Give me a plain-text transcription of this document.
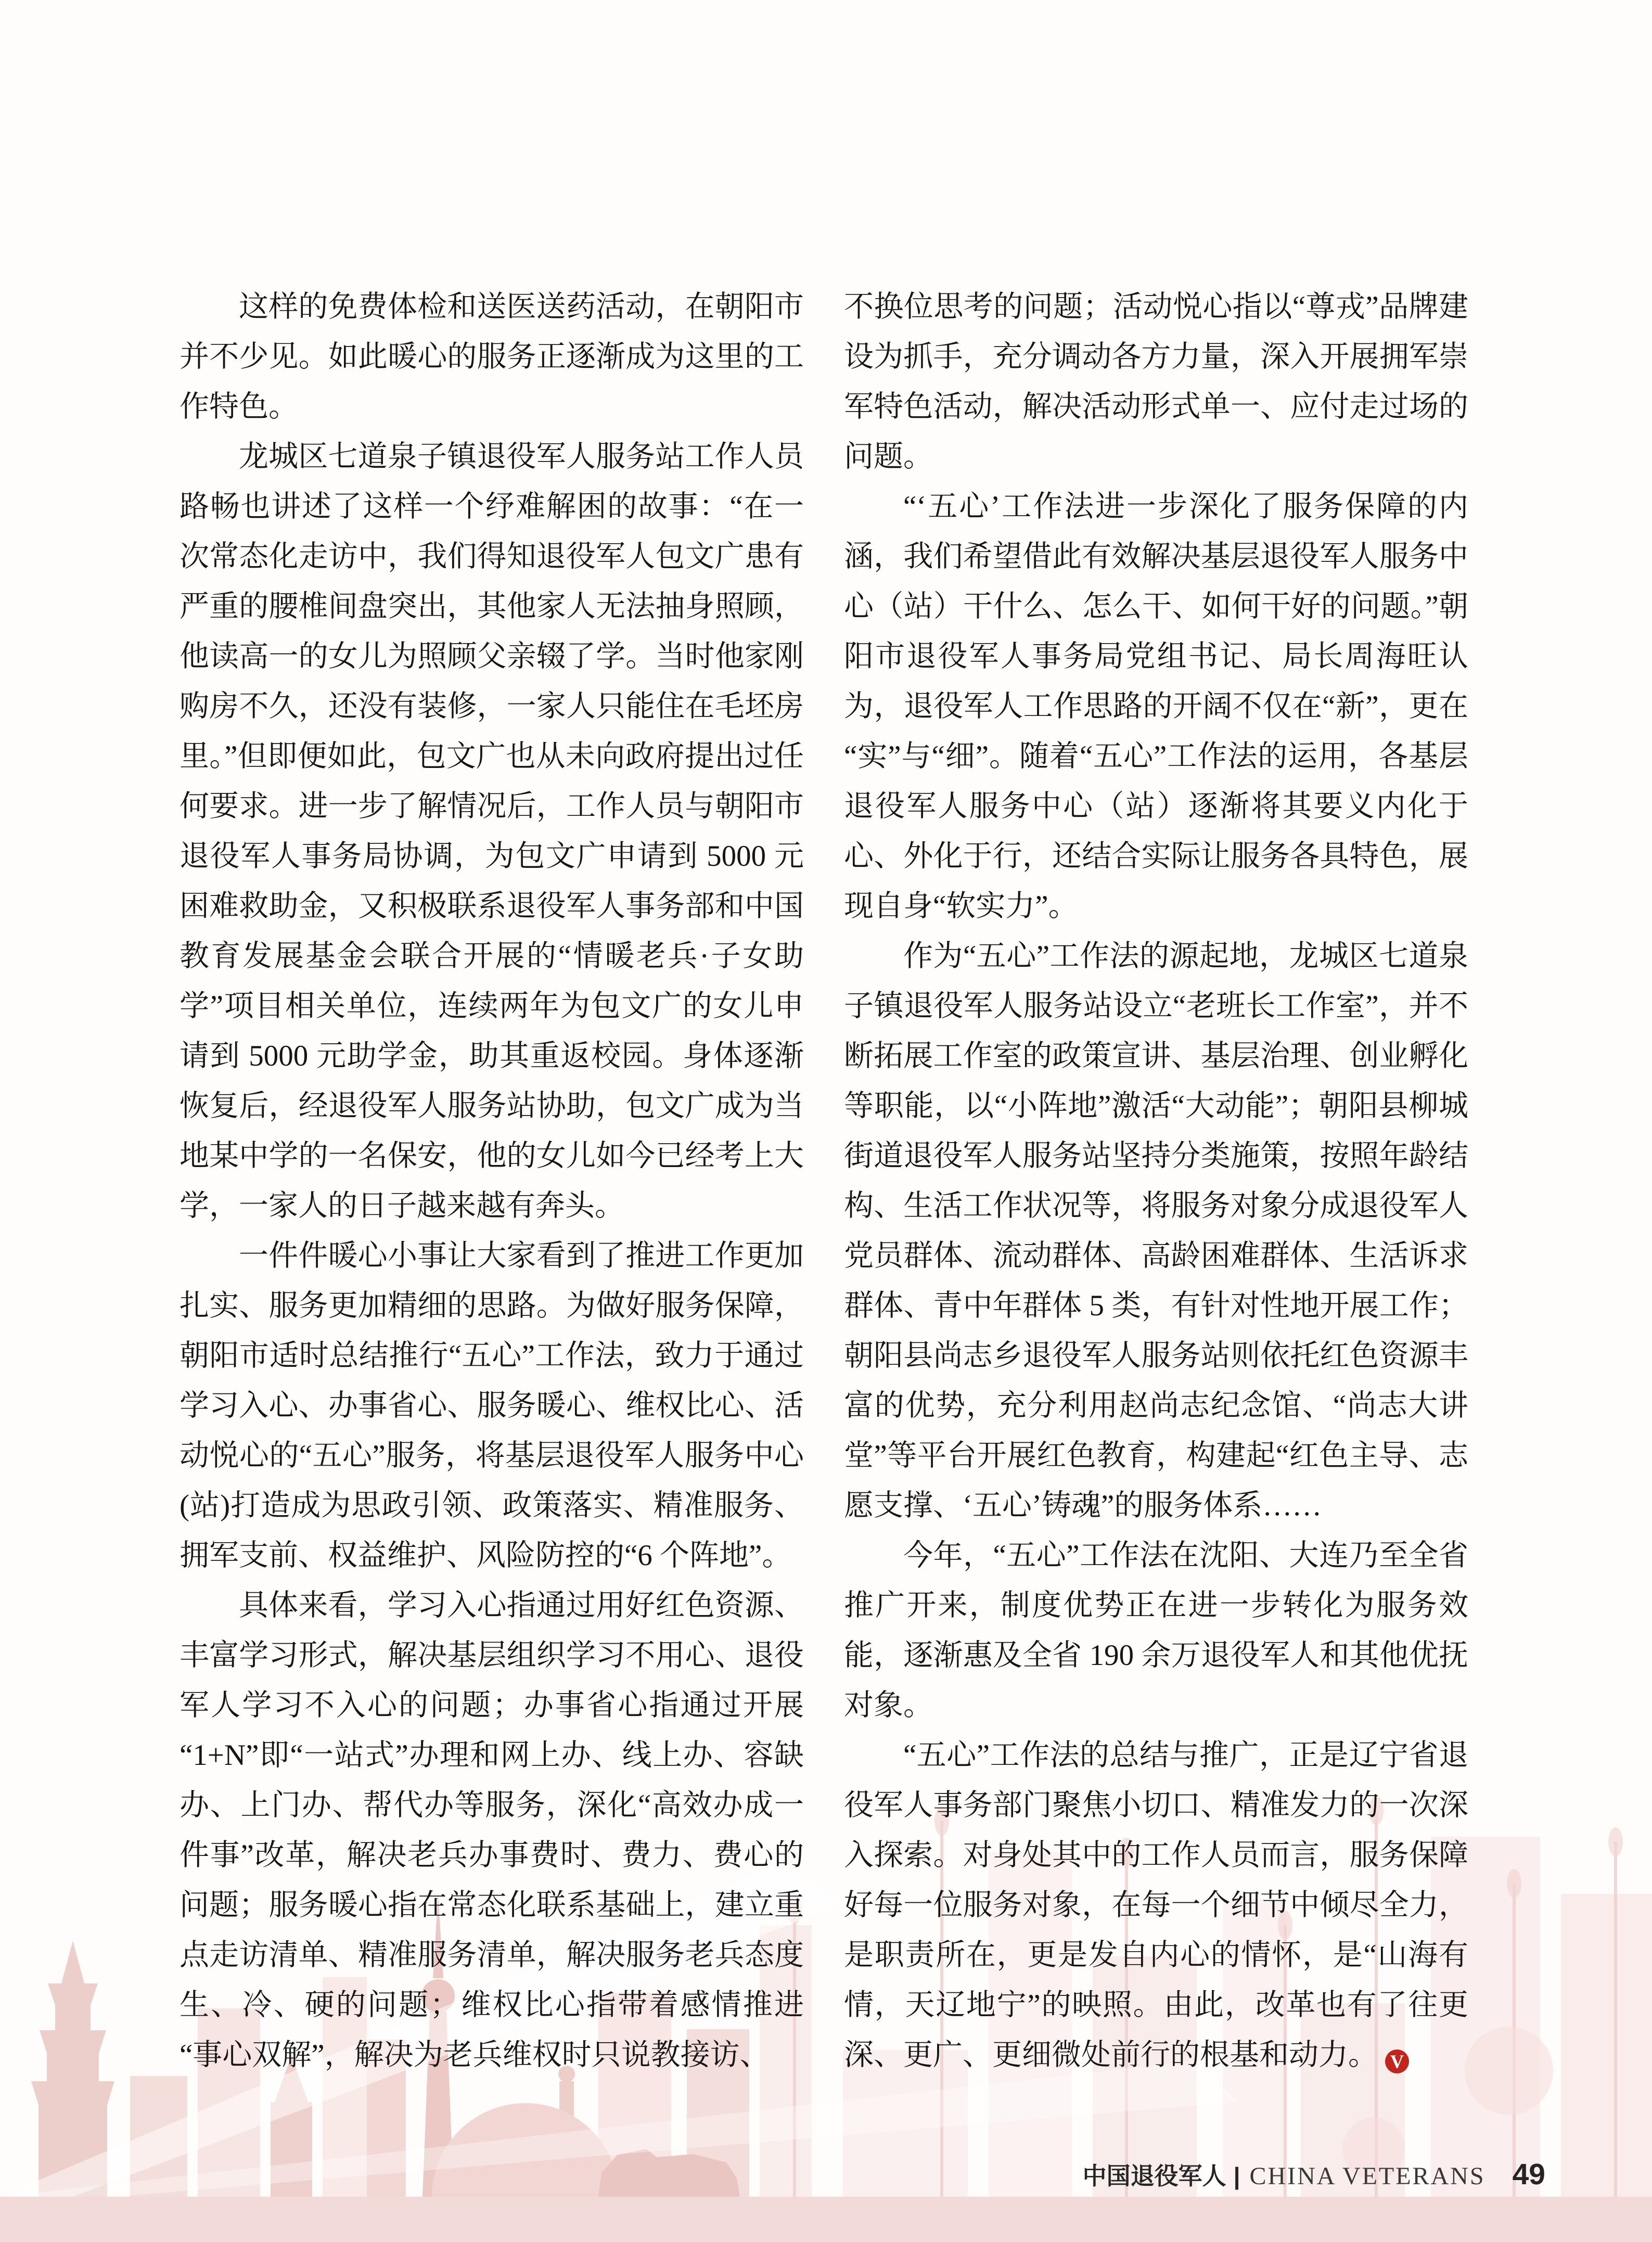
这样的免费体检和送医送药活动，在朝阳市并不少见。如此暖心的服务正逐渐成为这里的工作特色。

龙城区七道泉子镇退役军人服务站工作人员路畅也讲述了这样一个纾难解困的故事：“在一次常态化走访中，我们得知退役军人包文广患有严重的腰椎间盘突出，其他家人无法抽身照顾，他读高一的女儿为照顾父亲辍了学。当时他家刚购房不久，还没有装修，一家人只能住在毛坯房里。”但即便如此，包文广也从未向政府提出过任何要求。进一步了解情况后，工作人员与朝阳市退役军人事务局协调，为包文广申请到 5000 元困难救助金，又积极联系退役军人事务部和中国教育发展基金会联合开展的“情暖老兵·子女助学”项目相关单位，连续两年为包文广的女儿申请到 5000 元助学金，助其重返校园。身体逐渐恢复后，经退役军人服务站协助，包文广成为当地某中学的一名保安，他的女儿如今已经考上大学，一家人的日子越来越有奔头。

一件件暖心小事让大家看到了推进工作更加扎实、服务更加精细的思路。为做好服务保障，朝阳市适时总结推行“五心”工作法，致力于通过学习入心、办事省心、服务暖心、维权比心、活动悦心的“五心”服务，将基层退役军人服务中心(站)打造成为思政引领、政策落实、精准服务、拥军支前、权益维护、风险防控的“6 个阵地”。

具体来看，学习入心指通过用好红色资源、丰富学习形式，解决基层组织学习不用心、退役军人学习不入心的问题；办事省心指通过开展“1+N”即“一站式”办理和网上办、线上办、容缺办、上门办、帮代办等服务，深化“高效办成一件事”改革，解决老兵办事费时、费力、费心的问题；服务暖心指在常态化联系基础上，建立重点走访清单、精准服务清单，解决服务老兵态度生、冷、硬的问题；维权比心指带着感情推进“事心双解”，解决为老兵维权时只说教接访、

不换位思考的问题；活动悦心指以“尊戎”品牌建设为抓手，充分调动各方力量，深入开展拥军崇军特色活动，解决活动形式单一、应付走过场的问题。

“‘五心’工作法进一步深化了服务保障的内涵，我们希望借此有效解决基层退役军人服务中心（站）干什么、怎么干、如何干好的问题。”朝阳市退役军人事务局党组书记、局长周海旺认为，退役军人工作思路的开阔不仅在“新”，更在“实”与“细”。随着“五心”工作法的运用，各基层退役军人服务中心（站）逐渐将其要义内化于心、外化于行，还结合实际让服务各具特色，展现自身“软实力”。

作为“五心”工作法的源起地，龙城区七道泉子镇退役军人服务站设立“老班长工作室”，并不断拓展工作室的政策宣讲、基层治理、创业孵化等职能，以“小阵地”激活“大动能”；朝阳县柳城街道退役军人服务站坚持分类施策，按照年龄结构、生活工作状况等，将服务对象分成退役军人党员群体、流动群体、高龄困难群体、生活诉求群体、青中年群体 5 类，有针对性地开展工作；朝阳县尚志乡退役军人服务站则依托红色资源丰富的优势，充分利用赵尚志纪念馆、“尚志大讲堂”等平台开展红色教育，构建起“红色主导、志愿支撑、‘五心’铸魂”的服务体系……

今年，“五心”工作法在沈阳、大连乃至全省推广开来，制度优势正在进一步转化为服务效能，逐渐惠及全省 190 余万退役军人和其他优抚对象。

“五心”工作法的总结与推广，正是辽宁省退役军人事务部门聚焦小切口、精准发力的一次深入探索。对身处其中的工作人员而言，服务保障好每一位服务对象，在每一个细节中倾尽全力，是职责所在，更是发自内心的情怀，是“山海有情，天辽地宁”的映照。由此，改革也有了往更深、更广、更细微处前行的根基和动力。 V

中国退役军人 | CHINA VETERANS 49
